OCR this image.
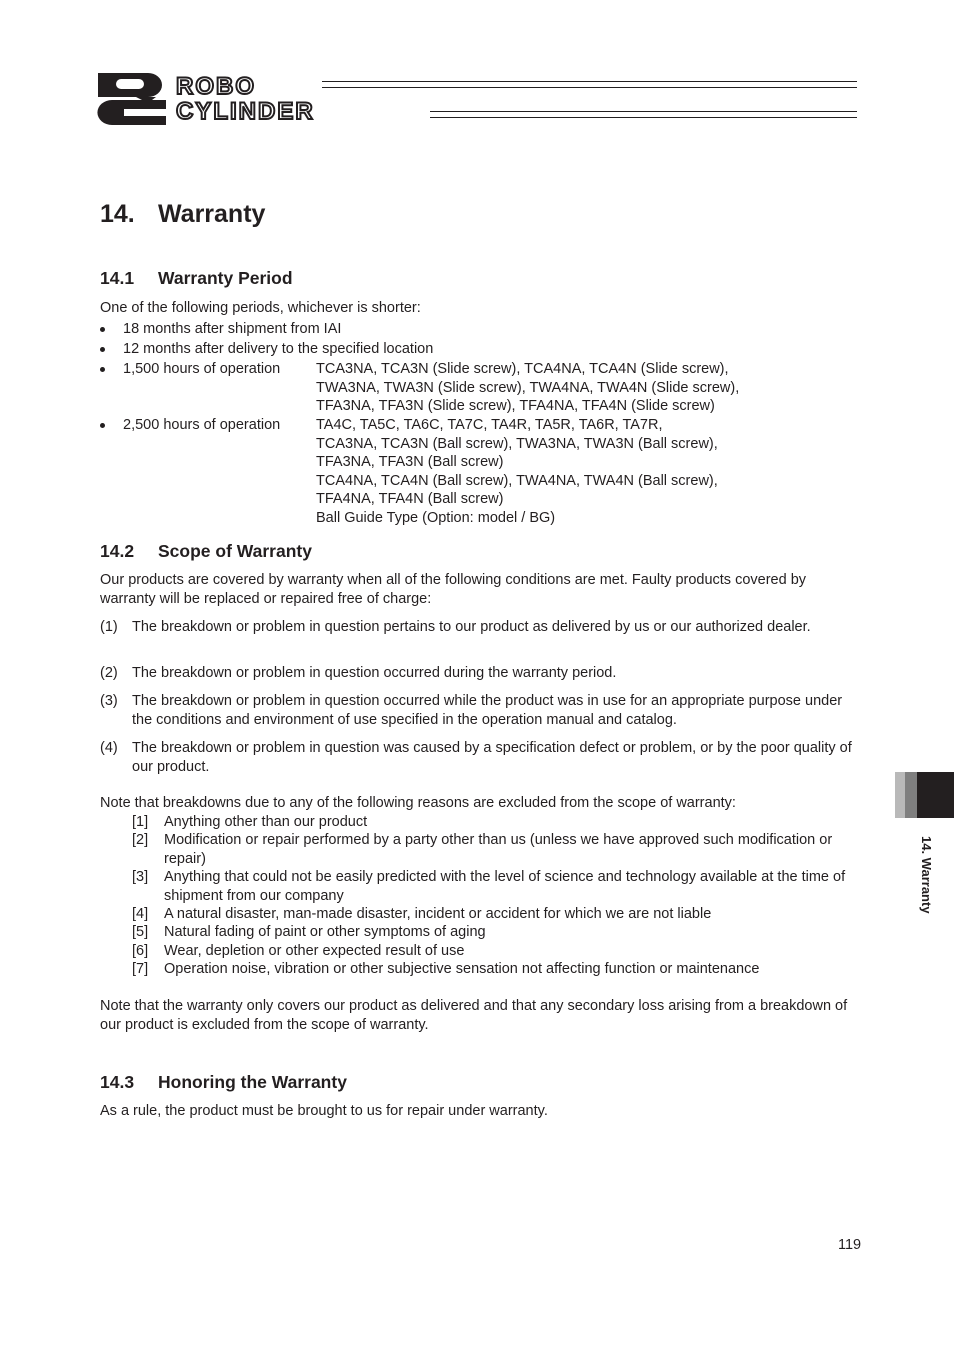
ROBO
CYLINDER
14. Warranty
14.1 Warranty Period
One of the following periods, whichever is shorter:
18 months after shipment from IAI
12 months after delivery to the specified location
1,500 hours of operation TCA3NA, TCA3N (Slide screw), TCA4NA, TCA4N (Slide screw),
TWA3NA, TWA3N (Slide screw), TWA4NA, TWA4N (Slide screw),
TFA3NA, TFA3N (Slide screw), TFA4NA, TFA4N (Slide screw)
2,500 hours of operation TA4C, TA5C, TA6C, TA7C, TA4R, TA5R, TA6R, TA7R,
TCA3NA, TCA3N (Ball screw), TWA3NA, TWA3N (Ball screw),
TFA3NA, TFA3N (Ball screw)
TCA4NA, TCA4N (Ball screw), TWA4NA, TWA4N (Ball screw),
TFA4NA, TFA4N (Ball screw)
Ball Guide Type (Option: model / BG)
14.2 Scope of Warranty
Our products are covered by warranty when all of the following conditions are met. Faulty products covered by warranty will be replaced or repaired free of charge:
(1) The breakdown or problem in question pertains to our product as delivered by us or our authorized dealer.
(2) The breakdown or problem in question occurred during the warranty period.
(3) The breakdown or problem in question occurred while the product was in use for an appropriate purpose under the conditions and environment of use specified in the operation manual and catalog.
(4) The breakdown or problem in question was caused by a specification defect or problem, or by the poor quality of our product.
Note that breakdowns due to any of the following reasons are excluded from the scope of warranty:
[1] Anything other than our product
[2] Modification or repair performed by a party other than us (unless we have approved such modification or repair)
[3] Anything that could not be easily predicted with the level of science and technology available at the time of shipment from our company
[4] A natural disaster, man-made disaster, incident or accident for which we are not liable
[5] Natural fading of paint or other symptoms of aging
[6] Wear, depletion or other expected result of use
[7] Operation noise, vibration or other subjective sensation not affecting function or maintenance
Note that the warranty only covers our product as delivered and that any secondary loss arising from a breakdown of our product is excluded from the scope of warranty.
14.3 Honoring the Warranty
As a rule, the product must be brought to us for repair under warranty.
119
14. Warranty
